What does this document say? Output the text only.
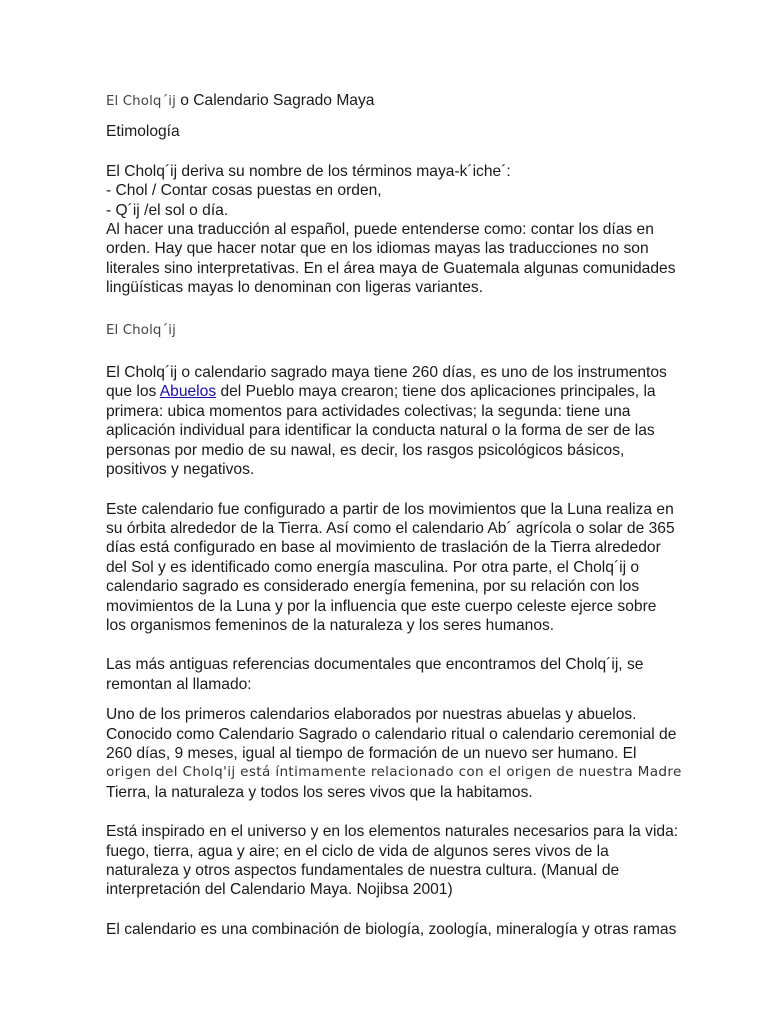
El Cholq´ij o Calendario Sagrado Maya

Etimología

El Cholq´ij deriva su nombre de los términos maya-k´iche´:
- Chol / Contar cosas puestas en orden,
- Q´ij /el sol o día.
Al hacer una traducción al español, puede entenderse como: contar los días en
orden. Hay que hacer notar que en los idiomas mayas las traducciones no son
literales sino interpretativas. En el área maya de Guatemala algunas comunidades
lingüísticas mayas lo denominan con ligeras variantes.

El Cholq´ij

El Cholq´ij o calendario sagrado maya tiene 260 días, es uno de los instrumentos
que los Abuelos del Pueblo maya crearon; tiene dos aplicaciones principales, la
primera: ubica momentos para actividades colectivas; la segunda: tiene una
aplicación individual para identificar la conducta natural o la forma de ser de las
personas por medio de su nawal, es decir, los rasgos psicológicos básicos,
positivos y negativos.

Este calendario fue configurado a partir de los movimientos que la Luna realiza en
su órbita alrededor de la Tierra. Así como el calendario Ab´ agrícola o solar de 365
días está configurado en base al movimiento de traslación de la Tierra alrededor
del Sol y es identificado como energía masculina. Por otra parte, el Cholq´ij o
calendario sagrado es considerado energía femenina, por su relación con los
movimientos de la Luna y por la influencia que este cuerpo celeste ejerce sobre
los organismos femeninos de la naturaleza y los seres humanos.

Las más antiguas referencias documentales que encontramos del Cholq´ij, se
remontan al llamado:

Uno de los primeros calendarios elaborados por nuestras abuelas y abuelos.
Conocido como Calendario Sagrado o calendario ritual o calendario ceremonial de
260 días, 9 meses, igual al tiempo de formación de un nuevo ser humano. El
origen del Cholq'ij está íntimamente relacionado con el origen de nuestra Madre
Tierra, la naturaleza y todos los seres vivos que la habitamos.

Está inspirado en el universo y en los elementos naturales necesarios para la vida:
fuego, tierra, agua y aire; en el ciclo de vida de algunos seres vivos de la
naturaleza y otros aspectos fundamentales de nuestra cultura. (Manual de
interpretación del Calendario Maya. Nojibsa 2001)

El calendario es una combinación de biología, zoología, mineralogía y otras ramas
